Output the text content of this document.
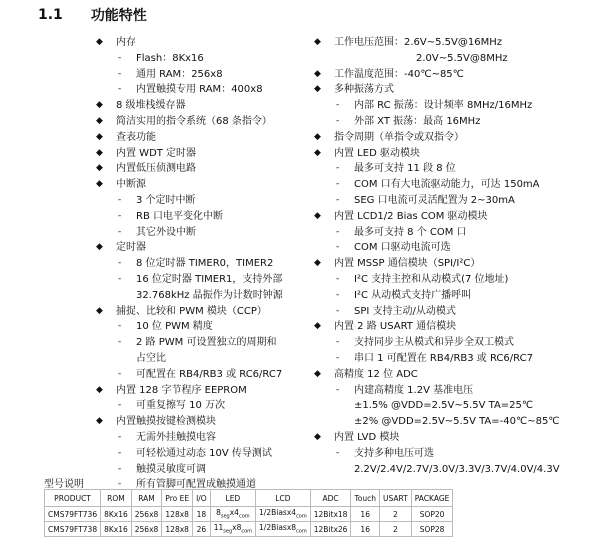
1.1 功能特性
◆ 内存
- Flash：8Kx16
- 通用 RAM：256x8
- 内置触摸专用 RAM：400x8
◆ 8 级堆栈缓存器
◆ 简洁实用的指令系统（68 条指令）
◆ 查表功能
◆ 内置 WDT 定时器
◆ 内置低压侦测电路
◆ 中断源
- 3 个定时中断
- RB 口电平变化中断
- 其它外设中断
◆ 定时器
- 8 位定时器 TIMER0，TIMER2
- 16 位定时器 TIMER1，支持外部
32.768kHz 晶振作为计数时钟源
◆ 捕捉、比较和 PWM 模块（CCP）
- 10 位 PWM 精度
- 2 路 PWM 可设置独立的周期和
占空比
- 可配置在 RB4/RB3 或 RC6/RC7
◆ 内置 128 字节程序 EEPROM
- 可重复擦写 10 万次
◆ 内置触摸按键检测模块
- 无需外挂触摸电容
- 可轻松通过动态 10V 传导测试
- 触摸灵敏度可调
- 所有管脚可配置成触摸通道
◆ 工作电压范围：2.6V~5.5V@16MHz
2.0V~5.5V@8MHz
◆ 工作温度范围：-40℃~85℃
◆ 多种振荡方式
- 内部 RC 振荡：设计频率 8MHz/16MHz
- 外部 XT 振荡：最高 16MHz
◆ 指令周期（单指令或双指令）
◆ 内置 LED 驱动模块
- 最多可支持 11 段 8 位
- COM 口有大电流驱动能力，可达 150mA
- SEG 口电流可灵活配置为 2~30mA
◆ 内置 LCD1/2 Bias COM 驱动模块
- 最多可支持 8 个 COM 口
- COM 口驱动电流可选
◆ 内置 MSSP 通信模块（SPI/I²C）
- I²C 支持主控和从动模式(7 位地址)
- I²C 从动模式支持广播呼叫
- SPI 支持主动/从动模式
◆ 内置 2 路 USART 通信模块
- 支持同步主从模式和异步全双工模式
- 串口 1 可配置在 RB4/RB3 或 RC6/RC7
◆ 高精度 12 位 ADC
- 内建高精度 1.2V 基准电压
±1.5% @VDD=2.5V~5.5V TA=25℃
±2% @VDD=2.5V~5.5V TA=-40℃~85℃
◆ 内置 LVD 模块
- 支持多种电压可选
2.2V/2.4V/2.7V/3.0V/3.3V/3.7V/4.0V/4.3V
型号说明
PRODUCT	ROM	RAM	Pro EE	I/O	LED	LCD	ADC	Touch	USART	PACKAGE
CMS79FT736	8Kx16	256x8	128x8	18	$8_{seg}x4_{com}$	$1/2Biasx4_{com}$	12Bitx18	16	2	SOP20
CMS79FT738	8Kx16	256x8	128x8	26	$11_{seg}x8_{com}$	$1/2Biasx8_{com}$	12Bitx26	16	2	SOP28
